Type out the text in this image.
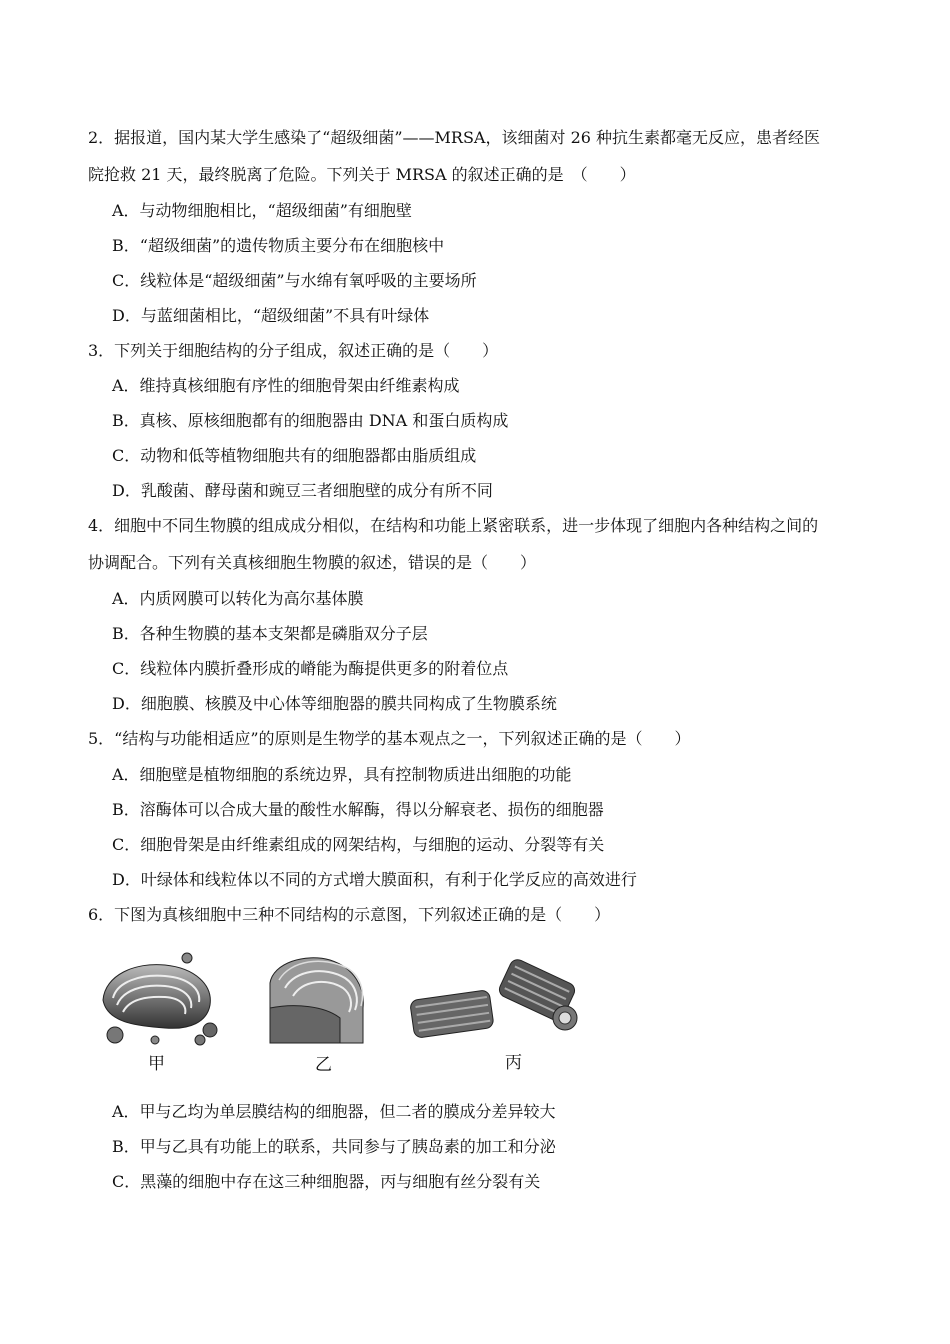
2．据报道，国内某大学生感染了“超级细菌”——MRSA，该细菌对 26 种抗生素都毫无反应，患者经医
院抢救 21 天，最终脱离了危险。下列关于 MRSA 的叙述正确的是　（　　）
A．与动物细胞相比，“超级细菌”有细胞壁
B．“超级细菌”的遗传物质主要分布在细胞核中
C．线粒体是“超级细菌”与水绵有氧呼吸的主要场所
D．与蓝细菌相比，“超级细菌”不具有叶绿体
3．下列关于细胞结构的分子组成，叙述正确的是（　　）
A．维持真核细胞有序性的细胞骨架由纤维素构成
B．真核、原核细胞都有的细胞器由 DNA 和蛋白质构成
C．动物和低等植物细胞共有的细胞器都由脂质组成
D．乳酸菌、酵母菌和豌豆三者细胞壁的成分有所不同
4．细胞中不同生物膜的组成成分相似，在结构和功能上紧密联系，进一步体现了细胞内各种结构之间的
协调配合。下列有关真核细胞生物膜的叙述，错误的是（　　）
A．内质网膜可以转化为高尔基体膜
B．各种生物膜的基本支架都是磷脂双分子层
C．线粒体内膜折叠形成的嵴能为酶提供更多的附着位点
D．细胞膜、核膜及中心体等细胞器的膜共同构成了生物膜系统
5．“结构与功能相适应”的原则是生物学的基本观点之一，下列叙述正确的是（　　）
A．细胞壁是植物细胞的系统边界，具有控制物质进出细胞的功能
B．溶酶体可以合成大量的酸性水解酶，得以分解衰老、损伤的细胞器
C．细胞骨架是由纤维素组成的网架结构，与细胞的运动、分裂等有关
D．叶绿体和线粒体以不同的方式增大膜面积，有利于化学反应的高效进行
6．下图为真核细胞中三种不同结构的示意图，下列叙述正确的是（　　）
甲	乙	丙
A．甲与乙均为单层膜结构的细胞器，但二者的膜成分差异较大
B．甲与乙具有功能上的联系，共同参与了胰岛素的加工和分泌
C．黑藻的细胞中存在这三种细胞器，丙与细胞有丝分裂有关
